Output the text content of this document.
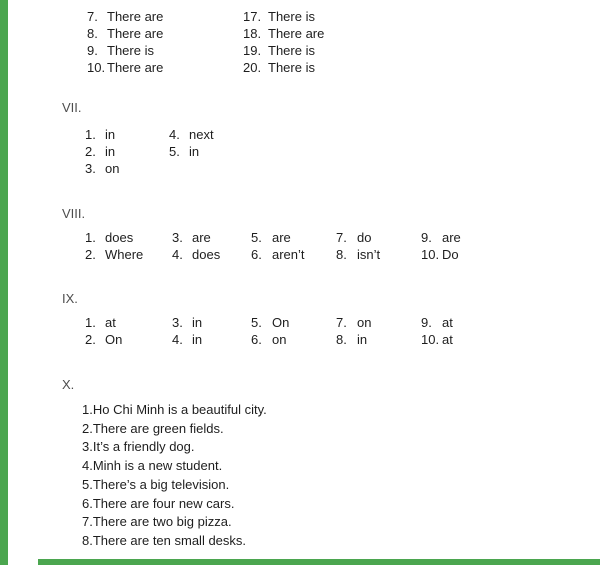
7. There are
8. There are
9. There is
10. There are
17. There is
18. There are
19. There is
20. There is
VII.
1. in
2. in
3. on
4. next
5. in
VIII.
1. does
2. Where
3. are
4. does
5. are
6. aren’t
7. do
8. isn’t
9. are
10. Do
IX.
1. at
2. On
3. in
4. in
5. On
6. on
7. on
8. in
9. at
10. at
X.
1.Ho Chi Minh is a beautiful city.
2.There are green fields.
3.It’s a friendly dog.
4.Minh is a new student.
5.There’s a big television.
6.There are four new cars.
7.There are two big pizza.
8.There are ten small desks.
